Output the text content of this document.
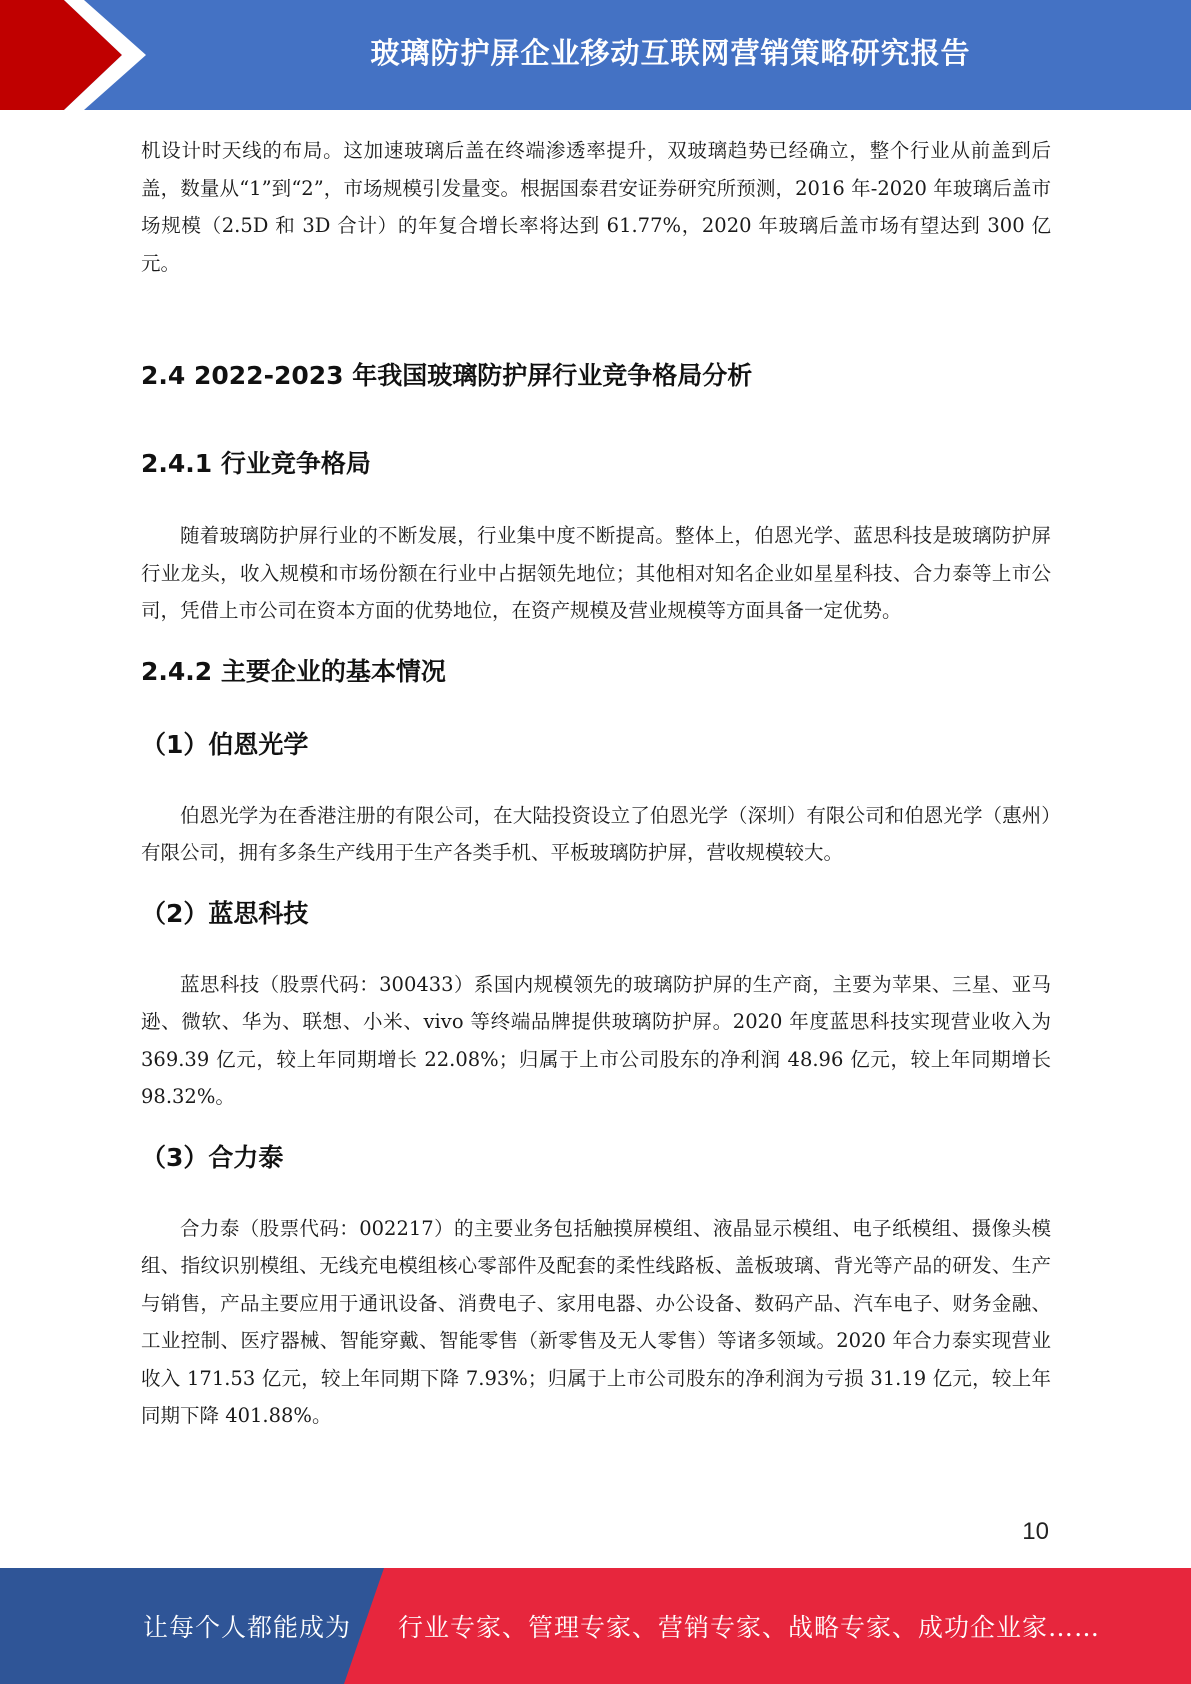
玻璃防护屏企业移动互联网营销策略研究报告

机设计时天线的布局。这加速玻璃后盖在终端渗透率提升，双玻璃趋势已经确立，整个行业从前盖到后盖，数量从“1”到“2”，市场规模引发量变。根据国泰君安证券研究所预测，2016 年-2020 年玻璃后盖市场规模（2.5D 和 3D 合计）的年复合增长率将达到 61.77%，2020 年玻璃后盖市场有望达到 300 亿元。

2.4 2022-2023 年我国玻璃防护屏行业竞争格局分析
2.4.1 行业竞争格局

随着玻璃防护屏行业的不断发展，行业集中度不断提高。整体上，伯恩光学、蓝思科技是玻璃防护屏行业龙头，收入规模和市场份额在行业中占据领先地位；其他相对知名企业如星星科技、合力泰等上市公司，凭借上市公司在资本方面的优势地位，在资产规模及营业规模等方面具备一定优势。

2.4.2 主要企业的基本情况
（1）伯恩光学

伯恩光学为在香港注册的有限公司，在大陆投资设立了伯恩光学（深圳）有限公司和伯恩光学（惠州）有限公司，拥有多条生产线用于生产各类手机、平板玻璃防护屏，营收规模较大。

（2）蓝思科技

蓝思科技（股票代码：300433）系国内规模领先的玻璃防护屏的生产商，主要为苹果、三星、亚马逊、微软、华为、联想、小米、vivo 等终端品牌提供玻璃防护屏。2020 年度蓝思科技实现营业收入为 369.39 亿元，较上年同期增长 22.08%；归属于上市公司股东的净利润 48.96 亿元，较上年同期增长 98.32%。

（3）合力泰

合力泰（股票代码：002217）的主要业务包括触摸屏模组、液晶显示模组、电子纸模组、摄像头模组、指纹识别模组、无线充电模组核心零部件及配套的柔性线路板、盖板玻璃、背光等产品的研发、生产与销售，产品主要应用于通讯设备、消费电子、家用电器、办公设备、数码产品、汽车电子、财务金融、工业控制、医疗器械、智能穿戴、智能零售（新零售及无人零售）等诸多领域。2020 年合力泰实现营业收入 171.53 亿元，较上年同期下降 7.93%；归属于上市公司股东的净利润为亏损 31.19 亿元，较上年同期下降 401.88%。

10
让每个人都能成为 行业专家、管理专家、营销专家、战略专家、成功企业家……
